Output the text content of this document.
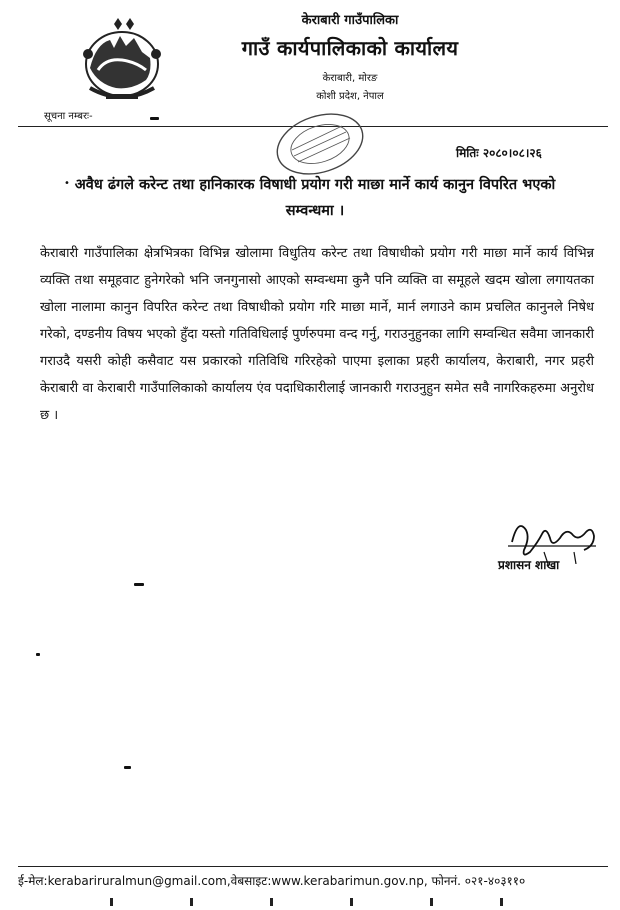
केराबारी गाउँपालिका
गाउँ कार्यपालिकाको कार्यालय
केराबारी, मोरङ
कोशी प्रदेश, नेपाल
सूचना नम्बरः-
मितिः २०८०।०८।२६
• अवैध ढंगले करेन्ट तथा हानिकारक विषाधी प्रयोग गरी माछा मार्ने कार्य कानुन विपरित भएको सम्वन्धमा ।
केराबारी गाउँपालिका क्षेत्रभित्रका विभिन्न खोलामा विधुतिय करेन्ट तथा विषाधीको प्रयोग गरी माछा मार्ने कार्य विभिन्न व्यक्ति तथा समूहवाट हुनेगरेको भनि जनगुनासो आएको सम्वन्धमा कुनै पनि व्यक्ति वा समूहले खदम खोला लगायतका खोला नालामा कानुन विपरित करेन्ट तथा विषाधीको प्रयोग गरि माछा मार्ने, मार्न लगाउने काम प्रचलित कानुनले निषेध गरेको, दण्डनीय विषय भएको हुँदा यस्तो गतिविधिलाई पुर्णरुपमा वन्द गर्नु, गराउनुहुनका लागि सम्वन्धित सवैमा जानकारी गराउदै यसरी कोही कसैवाट यस प्रकारको गतिविधि गरिरहेको पाएमा इलाका प्रहरी कार्यालय, केराबारी, नगर प्रहरी केराबारी वा केराबारी गाउँपालिकाको कार्यालय एंव पदाधिकारीलाई जानकारी गराउनुहुन समेत सवै नागरिकहरुमा अनुरोध छ ।
प्रशासन शाखा
ई-मेल:kerabariruralmun@gmail.com,वेबसाइट:www.kerabarimun.gov.np, फोननं. ०२१-४०३११०
